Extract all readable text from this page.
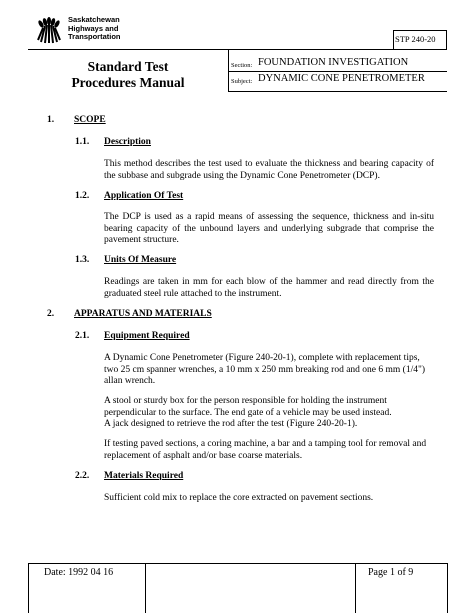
Saskatchewan
Highways and
Transportation	STP 240-20
Standard Test
Procedures Manual
Section: FOUNDATION INVESTIGATION
Subject: DYNAMIC CONE PENETROMETER
1. SCOPE
1.1. Description
This method describes the test used to evaluate the thickness and bearing capacity of the subbase and subgrade using the Dynamic Cone Penetrometer (DCP).
1.2. Application Of Test
The DCP is used as a rapid means of assessing the sequence, thickness and in-situ bearing capacity of the unbound layers and underlying subgrade that comprise the pavement structure.
1.3. Units Of Measure
Readings are taken in mm for each blow of the hammer and read directly from the graduated steel rule attached to the instrument.
2. APPARATUS AND MATERIALS
2.1. Equipment Required
A Dynamic Cone Penetrometer (Figure 240-20-1), complete with replacement tips, two 25 cm spanner wrenches, a 10 mm x 250 mm breaking rod and one 6 mm (1/4") allan wrench.
A stool or sturdy box for the person responsible for holding the instrument perpendicular to the surface. The end gate of a vehicle may be used instead.
A jack designed to retrieve the rod after the test (Figure 240-20-1).
If testing paved sections, a coring machine, a bar and a tamping tool for removal and replacement of asphalt and/or base coarse materials.
2.2. Materials Required
Sufficient cold mix to replace the core extracted on pavement sections.
Date: 1992 04 16	Page 1 of 9
